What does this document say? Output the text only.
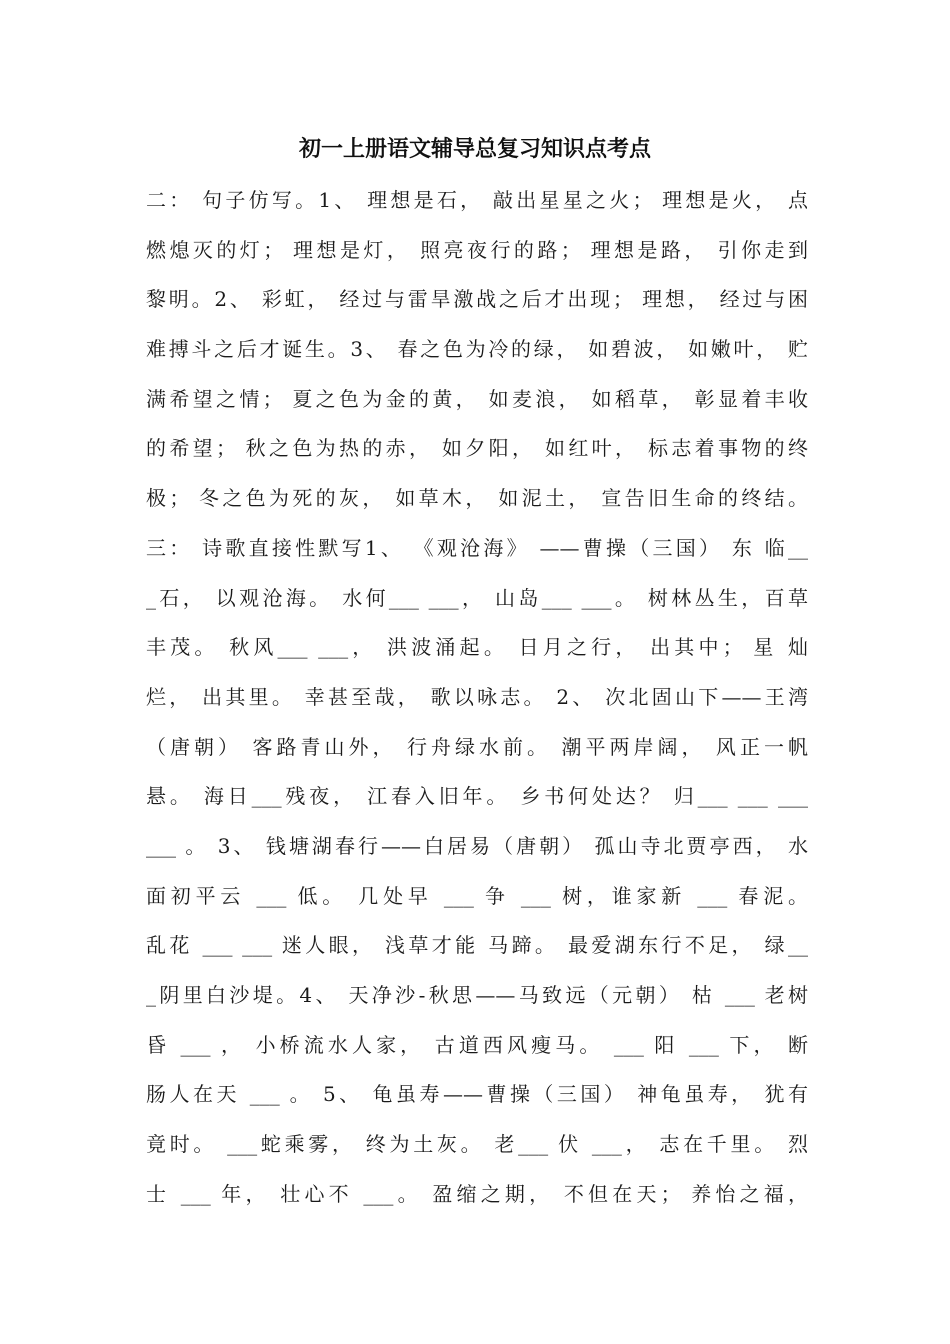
初一上册语文辅导总复习知识点考点
二： 句子仿写。1、 理想是石， 敲出星星之火； 理想是火， 点
燃熄灭的灯； 理想是灯， 照亮夜行的路； 理想是路， 引你走到
黎明。2、 彩虹， 经过与雷旱激战之后才出现； 理想， 经过与困
难搏斗之后才诞生。3、 春之色为冷的绿， 如碧波， 如嫩叶， 贮
满希望之情； 夏之色为金的黄， 如麦浪， 如稻草， 彰显着丰收
的希望； 秋之色为热的赤， 如夕阳， 如红叶， 标志着事物的终
极； 冬之色为死的灰， 如草木， 如泥土， 宣告旧生命的终结。
三： 诗歌直接性默写1、 《观沧海》 ——曹操（三国） 东 临__
_石， 以观沧海。 水何___ ___， 山岛___ ___。 树林丛生，百草
丰茂。 秋风___ ___， 洪波涌起。 日月之行， 出其中； 星 灿
烂， 出其里。 幸甚至哉， 歌以咏志。 2、 次北固山下——王湾
（唐朝） 客路青山外， 行舟绿水前。 潮平两岸阔， 风正一帆
悬。 海日___残夜， 江春入旧年。 乡书何处达？ 归___ ___ ___
___ 。 3、 钱塘湖春行——白居易（唐朝） 孤山寺北贾亭西， 水
面初平云 ___ 低。 几处早 ___ 争 ___ 树，谁家新 ___ 春泥。
乱花 ___ ___ 迷人眼， 浅草才能 马蹄。 最爱湖东行不足， 绿__
_阴里白沙堤。4、 天净沙-秋思——马致远（元朝） 枯 ___ 老树
昏 ___ ， 小桥流水人家， 古道西风瘦马。 ___ 阳 ___ 下， 断
肠人在天 ___ 。 5、 龟虽寿——曹操（三国） 神龟虽寿， 犹有
竟时。 ___蛇乘雾， 终为土灰。 老___ 伏 ___， 志在千里。 烈
士 ___ 年， 壮心不 ___。 盈缩之期， 不但在天； 养怡之福，
